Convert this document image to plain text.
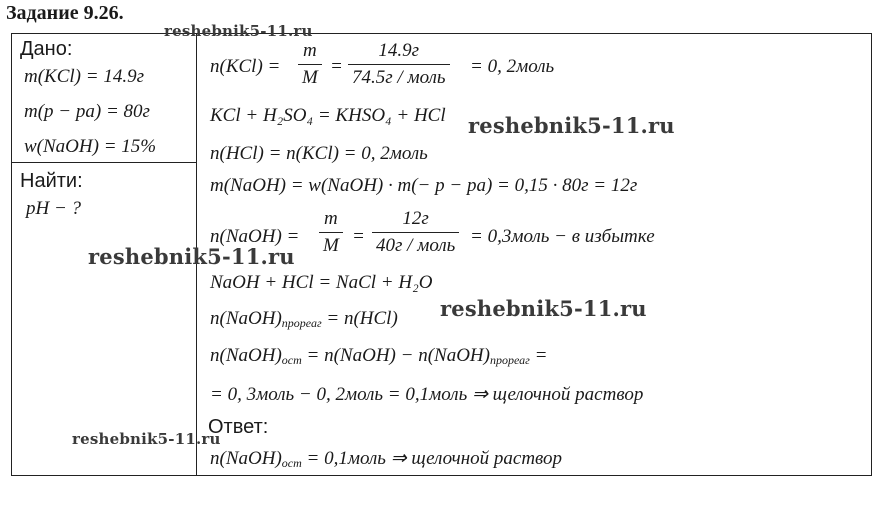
Задание 9.26.
Дано:
m(KCl) = 14.9г
m(p − pa) = 80г
w(NaOH) = 15%
Найти:
pH − ?
$n(KCl) = \frac{m}{M}$ =
14.9г
74.5г / моль
= 0, 2моль
KCl + H₂SO₄ = KHSO₄ + HCl
n(HCl) = n(KCl) = 0, 2моль
m(NaOH) = w(NaOH) · m(− p − pa) = 0,15 · 80г = 12г
n(NaOH) = $\frac{m}{M}$ =
12г
40г / моль = 0,3моль − в избытке
NaOH + HCl = NaCl + H₂O
$n(NaOH)_{прореаг} = n(HCl)$
$n(NaOH)_{ост}$ = n(NaOH) − $n(NaOH)_{прореаг}$ =
= 0, 3моль − 0, 2моль = 0,1моль ⇒ щелочной раствор
Ответ:
$n(NaOH)_{ост}$ = 0,1моль ⇒ щелочной раствор
reshebnik5-11.ru
reshebnik5-11.ru
reshebnik5-11.ru
reshebnik5-11.ru
reshebnik5-11.ru
